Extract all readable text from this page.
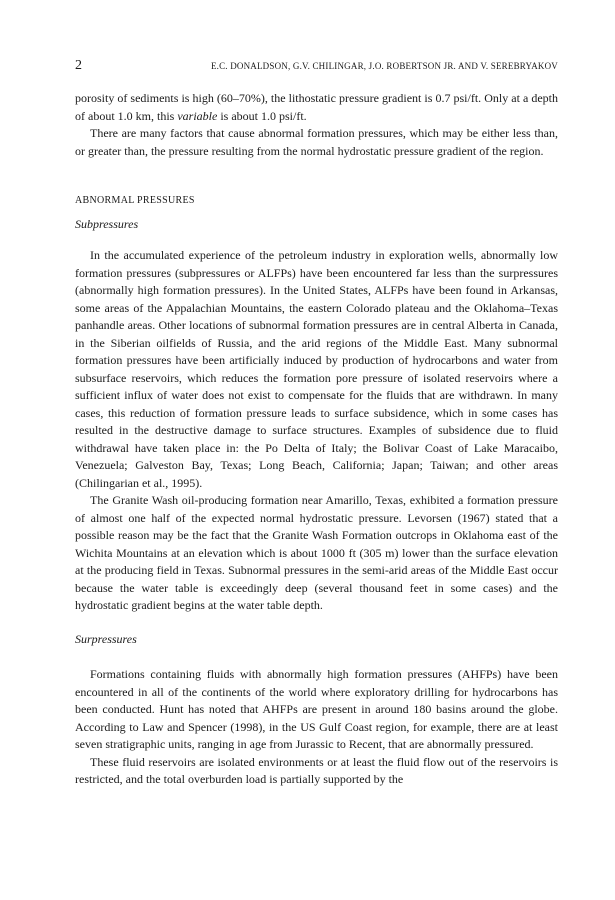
2	E.C. DONALDSON, G.V. CHILINGAR, J.O. ROBERTSON JR. AND V. SEREBRYAKOV

porosity of sediments is high (60–70%), the lithostatic pressure gradient is 0.7 psi/ft. Only at a depth of about 1.0 km, this variable is about 1.0 psi/ft.

There are many factors that cause abnormal formation pressures, which may be either less than, or greater than, the pressure resulting from the normal hydrostatic pressure gradient of the region.

ABNORMAL PRESSURES
Subpressures

In the accumulated experience of the petroleum industry in exploration wells, abnormally low formation pressures (subpressures or ALFPs) have been encountered far less than the surpressures (abnormally high formation pressures). In the United States, ALFPs have been found in Arkansas, some areas of the Appalachian Mountains, the eastern Colorado plateau and the Oklahoma–Texas panhandle areas. Other locations of subnormal formation pressures are in central Alberta in Canada, in the Siberian oilfields of Russia, and the arid regions of the Middle East. Many subnormal formation pressures have been artificially induced by production of hydrocarbons and water from subsurface reservoirs, which reduces the formation pore pressure of isolated reservoirs where a sufficient influx of water does not exist to compensate for the fluids that are withdrawn. In many cases, this reduction of formation pressure leads to surface subsidence, which in some cases has resulted in the destructive damage to surface structures. Examples of subsidence due to fluid withdrawal have taken place in: the Po Delta of Italy; the Bolivar Coast of Lake Maracaibo, Venezuela; Galveston Bay, Texas; Long Beach, California; Japan; Taiwan; and other areas (Chilingarian et al., 1995).

The Granite Wash oil-producing formation near Amarillo, Texas, exhibited a formation pressure of almost one half of the expected normal hydrostatic pressure. Levorsen (1967) stated that a possible reason may be the fact that the Granite Wash Formation outcrops in Oklahoma east of the Wichita Mountains at an elevation which is about 1000 ft (305 m) lower than the surface elevation at the producing field in Texas. Subnormal pressures in the semi-arid areas of the Middle East occur because the water table is exceedingly deep (several thousand feet in some cases) and the hydrostatic gradient begins at the water table depth.

Surpressures

Formations containing fluids with abnormally high formation pressures (AHFPs) have been encountered in all of the continents of the world where exploratory drilling for hydrocarbons has been conducted. Hunt has noted that AHFPs are present in around 180 basins around the globe. According to Law and Spencer (1998), in the US Gulf Coast region, for example, there are at least seven stratigraphic units, ranging in age from Jurassic to Recent, that are abnormally pressured.

These fluid reservoirs are isolated environments or at least the fluid flow out of the reservoirs is restricted, and the total overburden load is partially supported by the
